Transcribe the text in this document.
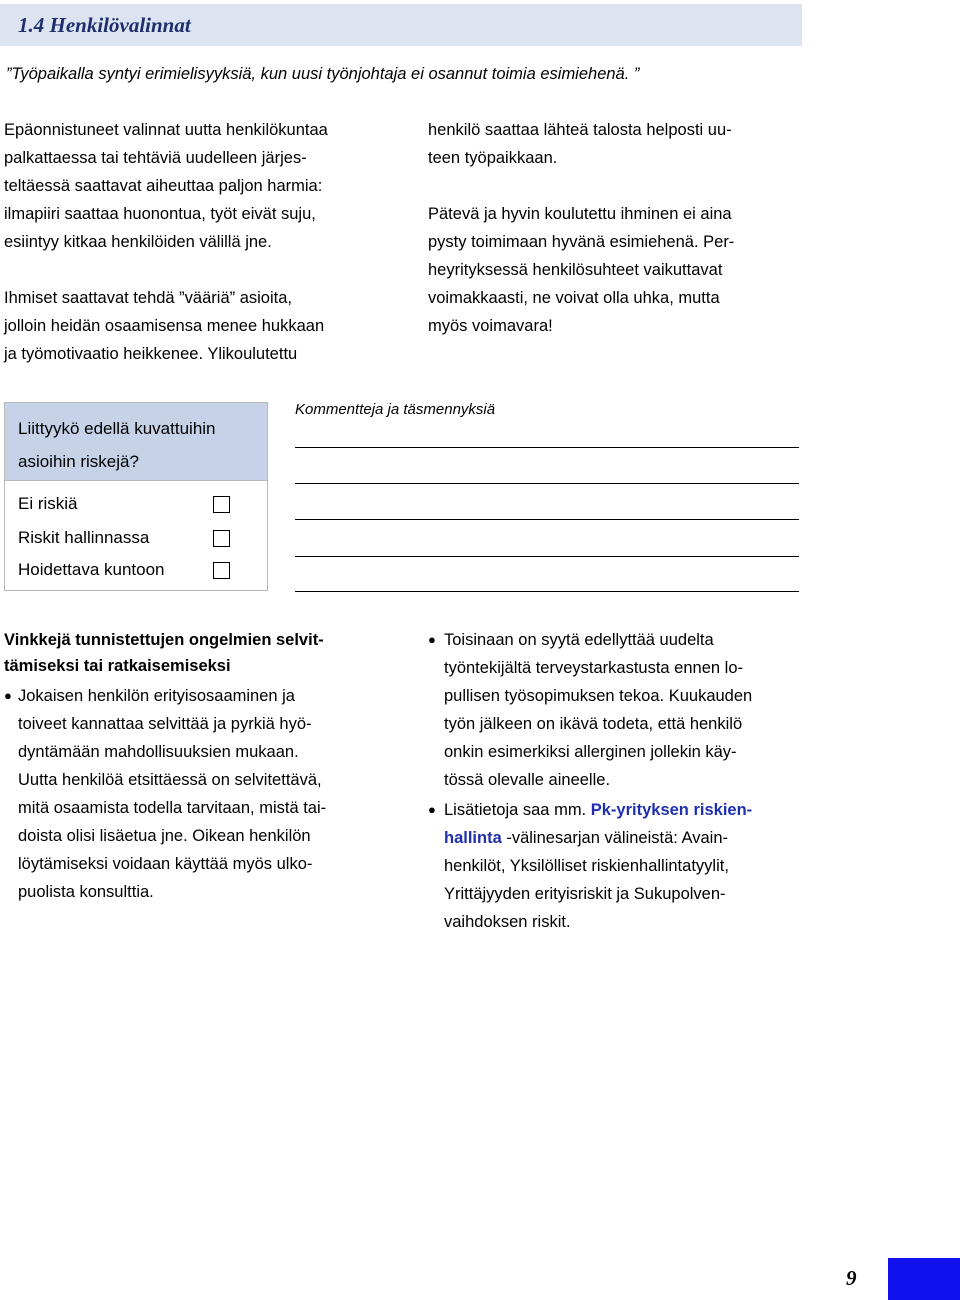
1.4 Henkilövalinnat
”Työpaikalla syntyi erimielisyyksiä, kun uusi työnjohtaja ei osannut toimia esimiehenä. ”
Epäonnistuneet valinnat uutta henkilökuntaa
palkattaessa tai tehtäviä uudelleen järjes-
teltäessä saattavat aiheuttaa paljon harmia:
ilmapiiri saattaa huonontua, työt eivät suju,
esiintyy kitkaa henkilöiden välillä jne.
Ihmiset saattavat tehdä ”vääriä” asioita,
jolloin heidän osaamisensa menee hukkaan
ja työmotivaatio heikkenee. Ylikoulutettu
henkilö saattaa lähteä talosta helposti uu-
teen työpaikkaan.
Pätevä ja hyvin koulutettu ihminen ei aina
pysty toimimaan hyvänä esimiehenä. Per-
heyrityksessä henkilösuhteet vaikuttavat
voimakkaasti, ne voivat olla uhka, mutta
myös voimavara!
Liittyykö edellä kuvattuihin
asioihin riskejä?
Ei riskiä
Riskit hallinnassa
Hoidettava kuntoon
Kommentteja ja täsmennyksiä
Vinkkejä tunnistettujen ongelmien selvit-
tämiseksi tai ratkaisemiseksi
● Jokaisen henkilön erityisosaaminen ja
toiveet kannattaa selvittää ja pyrkiä hyö-
dyntämään mahdollisuuksien mukaan.
Uutta henkilöä etsittäessä on selvitettävä,
mitä osaamista todella tarvitaan, mistä tai-
doista olisi lisäetua jne. Oikean henkilön
löytämiseksi voidaan käyttää myös ulko-
puolista konsulttia.
● Toisinaan on syytä edellyttää uudelta
työntekijältä terveystarkastusta ennen lo-
pullisen työsopimuksen tekoa. Kuukauden
työn jälkeen on ikävä todeta, että henkilö
onkin esimerkiksi allerginen jollekin käy-
tössä olevalle aineelle.
● Lisätietoja saa mm. Pk-yrityksen riskien-
hallinta -välinesarjan välineistä: Avain-
henkilöt, Yksilölliset riskienhallintatyylit,
Yrittäjyyden erityisriskit ja Sukupolven-
vaihdoksen riskit.
9
